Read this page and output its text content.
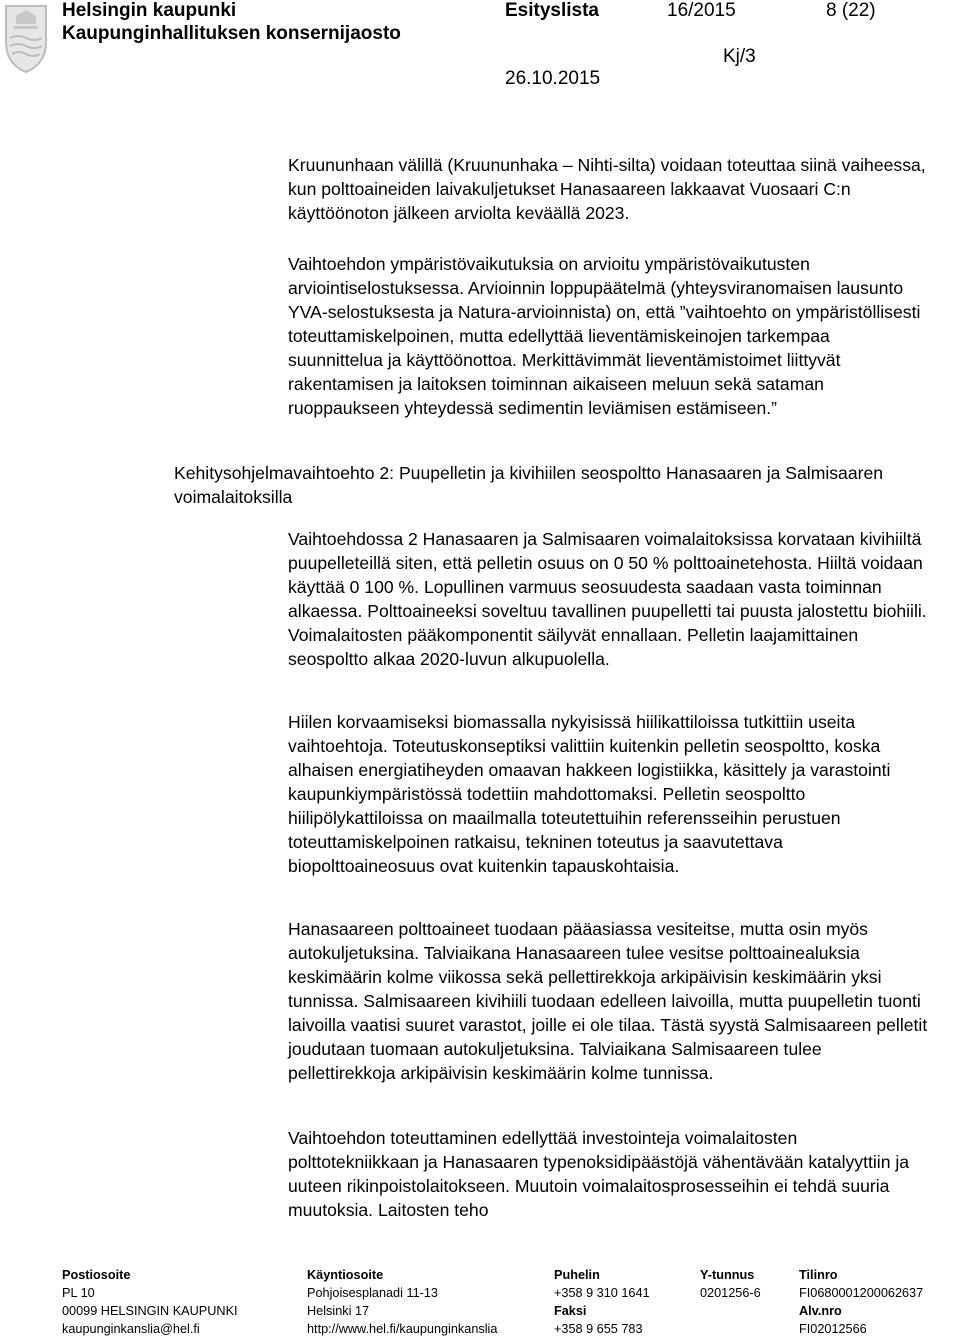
Helsingin kaupunki
Kaupunginhallituksen konsernijaosto
Esityslista	16/2015	8 (22)
Kj/3
26.10.2015

Kruununhaan välillä (Kruununhaka – Nihti-silta) voidaan toteuttaa siinä vaiheessa, kun polttoaineiden laivakuljetukset Hanasaareen lakkaavat Vuosaari C:n käyttöönoton jälkeen arviolta keväällä 2023.

Vaihtoehdon ympäristövaikutuksia on arvioitu ympäristövaikutusten arviointiselostuksessa. Arvioinnin loppupäätelmä (yhteysviranomaisen lausunto YVA-selostuksesta ja Natura-arvioinnista) on, että ”vaihtoehto on ympäristöllisesti toteuttamiskelpoinen, mutta edellyttää lieventämiskeinojen tarkempaa suunnittelua ja käyttöönottoa. Merkittävimmät lieventämistoimet liittyvät rakentamisen ja laitoksen toiminnan aikaiseen meluun sekä sataman ruoppaukseen yhteydessä sedimentin leviämisen estämiseen.”

Kehitysohjelmavaihtoehto 2: Puupelletin ja kivihiilen seospoltto Hanasaaren ja Salmisaaren voimalaitoksilla

Vaihtoehdossa 2 Hanasaaren ja Salmisaaren voimalaitoksissa korvataan kivihiiltä puupelleteillä siten, että pelletin osuus on 0 50 % polttoainetehosta. Hiiltä voidaan käyttää 0 100 %. Lopullinen varmuus seosuudesta saadaan vasta toiminnan alkaessa. Polttoaineeksi soveltuu tavallinen puupelletti tai puusta jalostettu biohiili. Voimalaitosten pääkomponentit säilyvät ennallaan. Pelletin laajamittainen seospoltto alkaa 2020-luvun alkupuolella.

Hiilen korvaamiseksi biomassalla nykyisissä hiilikattiloissa tutkittiin useita vaihtoehtoja. Toteutuskonseptiksi valittiin kuitenkin pelletin seospoltto, koska alhaisen energiatiheyden omaavan hakkeen logistiikka, käsittely ja varastointi kaupunkiympäristössä todettiin mahdottomaksi. Pelletin seospoltto hiilipölykattiloissa on maailmalla toteutettuihin referensseihin perustuen toteuttamiskelpoinen ratkaisu, tekninen toteutus ja saavutettava biopolttoaineosuus ovat kuitenkin tapauskohtaisia.

Hanasaareen polttoaineet tuodaan pääasiassa vesiteitse, mutta osin myös autokuljetuksina. Talviaikana Hanasaareen tulee vesitse polttoainealuksia keskimäärin kolme viikossa sekä pellettirekkoja arkipäivisin keskimäärin yksi tunnissa. Salmisaareen kivihiili tuodaan edelleen laivoilla, mutta puupelletin tuonti laivoilla vaatisi suuret varastot, joille ei ole tilaa. Tästä syystä Salmisaareen pelletit joudutaan tuomaan autokuljetuksina. Talviaikana Salmisaareen tulee pellettirekkoja arkipäivisin keskimäärin kolme tunnissa.

Vaihtoehdon toteuttaminen edellyttää investointeja voimalaitosten polttotekniikkaan ja Hanasaaren typenoksidipäästöjä vähentävään katalyyttiin ja uuteen rikinpoistolaitokseen. Muutoin voimalaitosprosesseihin ei tehdä suuria muutoksia. Laitosten teho

Postiosoite
PL 10
00099 HELSINGIN KAUPUNKI
kaupunginkanslia@hel.fi
Käyntiosoite
Pohjoisesplanadi 11-13
Helsinki 17
http://www.hel.fi/kaupunginkanslia
Puhelin
+358 9 310 1641
Faksi
+358 9 655 783
Y-tunnus
0201256-6
Tilinro
FI0680001200062637
Alv.nro
FI02012566
